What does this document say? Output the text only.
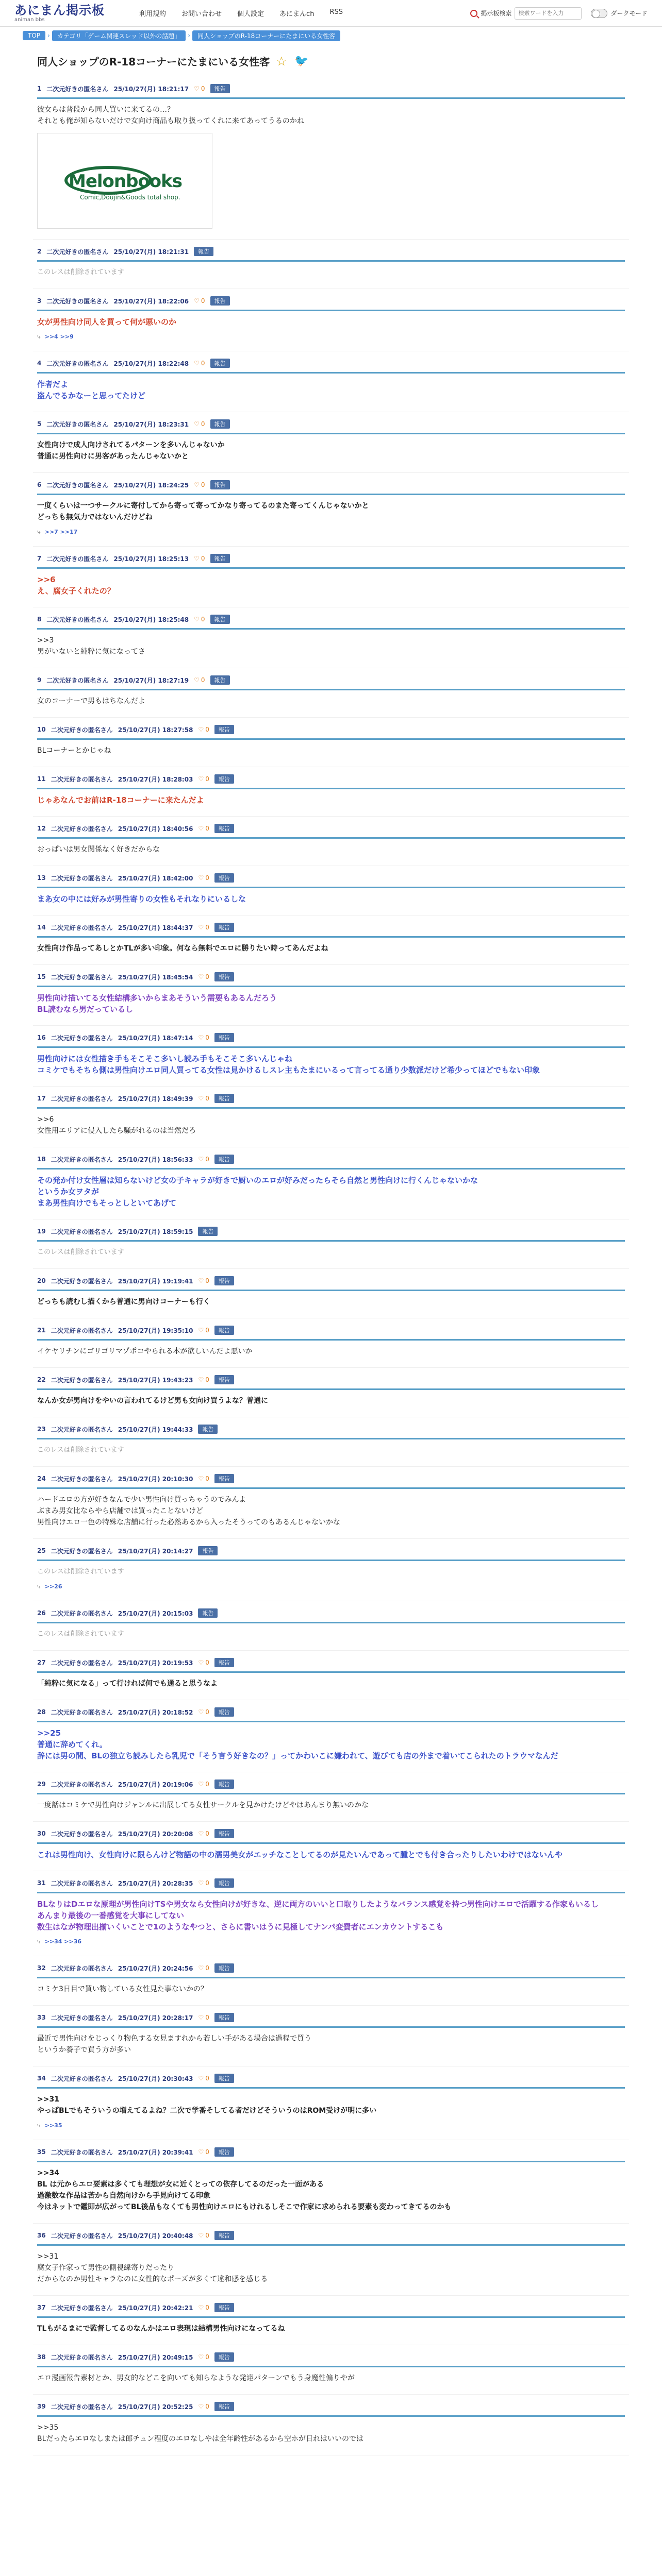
あにまん掲示板
animan bbs
利用規約 お問い合わせ 個人設定 あにまんch RSS	掲示板検索
検索ワードを入力	ダークモード
TOP	›	カテゴリ「ゲーム関連スレッド以外の話題」	›	同人ショップのR-18コーナーにたまにいる女性客
同人ショップのR-18コーナーにたまにいる女性客 ☆ 🐦
1 二次元好きの匿名さん 25/10/27(月) 18:21:17 ♡ 0	報告

彼女らは普段から同人買いに来てるの…？

それとも俺が知らないだけで女向け商品も取り扱ってくれに来てあってうるのかね

Melonbooks
Comic,Doujin&Goods total shop.
2 二次元好きの匿名さん 25/10/27(月) 18:21:31	報告

このレスは削除されています

3 二次元好きの匿名さん 25/10/27(月) 18:22:06 ♡ 0	報告

女が男性向け同人を買って何が悪いのか

⤷ >>4 >>9
4 二次元好きの匿名さん 25/10/27(月) 18:22:48 ♡ 0	報告

作者だよ

盗んでるかなーと思ってたけど

5 二次元好きの匿名さん 25/10/27(月) 18:23:31 ♡ 0	報告

女性向けで成人向けされてるパターンを多いんじゃないか

普通に男性向けに男客があったんじゃないかと

6 二次元好きの匿名さん 25/10/27(月) 18:24:25 ♡ 0	報告

一度くらいは一つサークルに寄付してから寄って寄ってかなり寄ってるのまた寄ってくんじゃないかと

どっちも無気力ではないんだけどね

⤷ >>7 >>17
7 二次元好きの匿名さん 25/10/27(月) 18:25:13 ♡ 0	報告

>>6

え、腐女子くれたの？

8 二次元好きの匿名さん 25/10/27(月) 18:25:48 ♡ 0	報告

>>3

男がいないと純粋に気になってさ

9 二次元好きの匿名さん 25/10/27(月) 18:27:19 ♡ 0	報告

女のコーナーで男もはちなんだよ

10 二次元好きの匿名さん 25/10/27(月) 18:27:58 ♡ 0	報告

BLコーナーとかじゃね

11 二次元好きの匿名さん 25/10/27(月) 18:28:03 ♡ 0	報告

じゃあなんでお前はR-18コーナーに来たんだよ

12 二次元好きの匿名さん 25/10/27(月) 18:40:56 ♡ 0	報告

おっぱいは男女関係なく好きだからな

13 二次元好きの匿名さん 25/10/27(月) 18:42:00 ♡ 0	報告

まあ女の中には好みが男性寄りの女性もそれなりにいるしな

14 二次元好きの匿名さん 25/10/27(月) 18:44:37 ♡ 0	報告

女性向け作品ってあしとかTLが多い印象。何なら無料でエロに勝りたい時ってあんだよね

15 二次元好きの匿名さん 25/10/27(月) 18:45:54 ♡ 0	報告

男性向け描いてる女性結構多いからまあそういう需要もあるんだろう

BL読むなら男だっているし

16 二次元好きの匿名さん 25/10/27(月) 18:47:14 ♡ 0	報告

男性向けには女性描き手もそこそこ多いし読み手もそこそこ多いんじゃね

コミケでもそちら側は男性向けエロ同人買ってる女性は見かけるしスレ主もたまにいるって言ってる通り少数派だけど希少ってほどでもない印象

17 二次元好きの匿名さん 25/10/27(月) 18:49:39 ♡ 0	報告

>>6

女性用エリアに侵入したら騒がれるのは当然だろ

18 二次元好きの匿名さん 25/10/27(月) 18:56:33 ♡ 0	報告

その発か付け女性層は知らないけど女の子キャラが好きで厨いのエロが好みだったらそら自然と男性向けに行くんじゃないかな

というか女ヲタが

まあ男性向けでもそっとしといてあげて

19 二次元好きの匿名さん 25/10/27(月) 18:59:15	報告

このレスは削除されています

20 二次元好きの匿名さん 25/10/27(月) 19:19:41 ♡ 0	報告

どっちも読むし描くから普通に男向けコーナーも行く

21 二次元好きの匿名さん 25/10/27(月) 19:35:10 ♡ 0	報告

イケヤリチンにゴリゴリマゾポコやられる本が欲しいんだよ悪いか

22 二次元好きの匿名さん 25/10/27(月) 19:43:23 ♡ 0	報告

なんか女が男向けをやいの言われてるけど男も女向け買うよな？普通に

23 二次元好きの匿名さん 25/10/27(月) 19:44:33	報告

このレスは削除されています

24 二次元好きの匿名さん 25/10/27(月) 20:10:30 ♡ 0	報告

ハードエロの方が好きなんで少い男性向け買っちゃうのでみんよ

ぶまみ男女比ならやら店舗では買ったことないけど

男性向けエロ一色の特殊な店舗に行った必然あるから入ったそうってのもあるんじゃないかな

25 二次元好きの匿名さん 25/10/27(月) 20:14:27	報告

このレスは削除されています

⤷ >>26
26 二次元好きの匿名さん 25/10/27(月) 20:15:03	報告

このレスは削除されています

27 二次元好きの匿名さん 25/10/27(月) 20:19:53 ♡ 0	報告

「純粋に気になる」って行ければ何でも通ると思うなよ

28 二次元好きの匿名さん 25/10/27(月) 20:18:52 ♡ 0	報告

>>25

普通に辞めてくれ。

辞には男の間、BLの独立ち読みしたら乳児で「そう言う好きなの？」ってかわいこに嫌われて、遊びても店の外まで着いてこられたのトラウマなんだ

29 二次元好きの匿名さん 25/10/27(月) 20:19:06 ♡ 0	報告

一度話はコミケで男性向けジャンルに出展してる女性サークルを見かけたけどやはあんまり無いのかな

30 二次元好きの匿名さん 25/10/27(月) 20:20:08 ♡ 0	報告

これは男性向け、女性向けに限らんけど物語の中の濡男美女がエッチなことしてるのが見たいんであって腫とでも付き合ったりしたいわけではないんや

31 二次元好きの匿名さん 25/10/27(月) 20:28:35 ♡ 0	報告

BLなりはDエロな原理が男性向けTSや男女なら女性向けが好きな、逆に両方のいいと口取りしたようなバランス感覚を持つ男性向けエロで活躍する作家もいるし

あんまり最後の一番感覚を大事にしてない

数生はなが物理出揃いくいことで1のようなやつと、さらに書いはうに見極してナンパ変費者にエンカウントするこも

⤷ >>34 >>36
32 二次元好きの匿名さん 25/10/27(月) 20:24:56 ♡ 0	報告

コミケ3日目で買い物している女性見た事ないかの？

33 二次元好きの匿名さん 25/10/27(月) 20:28:17 ♡ 0	報告

最近で男性向けをじっくり物色する女見ますれから若しい手がある場合は過程で買う

というか養子で買う方が多い

34 二次元好きの匿名さん 25/10/27(月) 20:30:43 ♡ 0	報告

>>31

やっぱBLでもそういうの増えてるよね？二次で学番そしてる者だけどそういうのはROM受けが明に多い

⤷ >>35
35 二次元好きの匿名さん 25/10/27(月) 20:39:41 ♡ 0	報告

>>34

BL は元からエロ要素は多くても理想が女に近くとっての依存してるのだった一面がある

過激数な作品は苦から自然向けから手見向けてる印象

今はネットで鑑即が広がってBL後品もなくても男性向けエロにもけれるしそこで作家に求められる要素も変わってきてるのかも

36 二次元好きの匿名さん 25/10/27(月) 20:40:48 ♡ 0	報告

>>31

腐女子作家って男性の側視線寄りだったり

だからなのか男性キャラなのに女性的なポーズが多くて違和感を感じる

37 二次元好きの匿名さん 25/10/27(月) 20:42:21 ♡ 0	報告

TLもがるまにで監督してるのなんかはエロ表現は結構男性向けになってるね

38 二次元好きの匿名さん 25/10/27(月) 20:49:15 ♡ 0	報告

エロ漫画報告素材とか、男女的などこを向いても知らなような発達パターンでもう身魔性偏りやが

39 二次元好きの匿名さん 25/10/27(月) 20:52:25 ♡ 0	報告

>>35

BLだったらエロなしまたは郎チュン程度のエロなしやは全年齢性があるから空ホが日れはいいのでは
